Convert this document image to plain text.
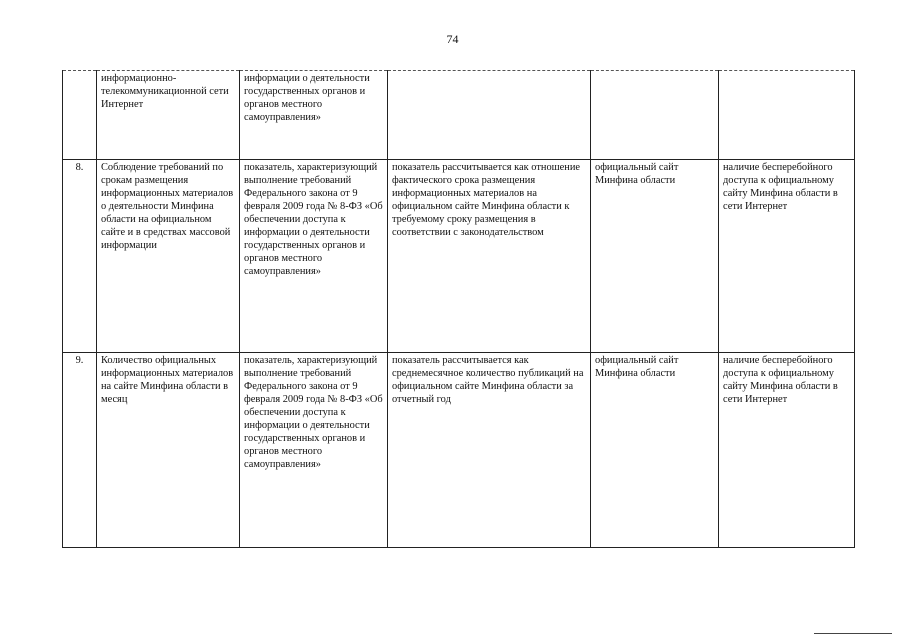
74
	информационно-телекоммуникационной сети Интернет	информации о деятельности государственных органов и органов местного самоуправления»			
8.	Соблюдение требований по срокам размещения информационных материалов о деятельности Минфина области на официальном сайте и в средствах массовой информации	показатель, характеризующий выполнение требований Федерального закона от 9 февраля 2009 года № 8-ФЗ «Об обеспечении доступа к информации о деятельности государственных органов и органов местного самоуправления»	показатель рассчитывается как отношение фактического срока размещения информационных материалов на официальном сайте Минфина области к требуемому сроку размещения в соответствии с законодательством	официальный сайт Минфина области	наличие бесперебойного доступа к официальному сайту Минфина области в сети Интернет
9.	Количество официальных информационных материалов на сайте Минфина области в месяц	показатель, характеризующий выполнение требований Федерального закона от 9 февраля 2009 года № 8-ФЗ «Об обеспечении доступа к информации о деятельности государственных органов и органов местного самоуправления»	показатель рассчитывается как среднемесячное количество публикаций на официальном сайте Минфина области за отчетный год	официальный сайт Минфина области	наличие бесперебойного доступа к официальному сайту Минфина области в сети Интернет
